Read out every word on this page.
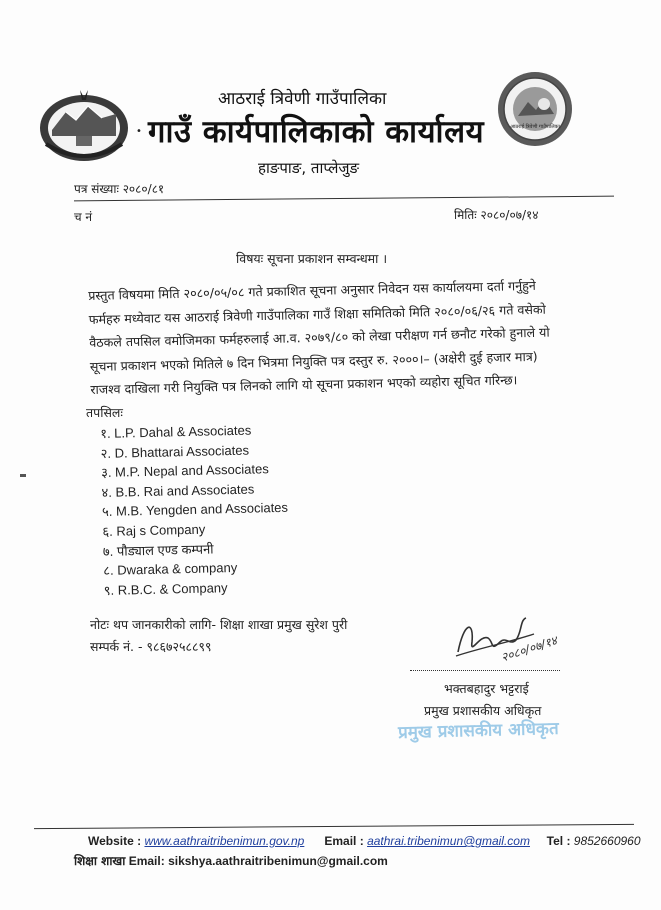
•
आठराई त्रिवेणी गाउँपालिका
गाउँ कार्यपालिकाको कार्यालय
हाङपाङ, ताप्लेजुङ
आठराई त्रिवेणी गाउँपालिका
पत्र संख्याः २०८०/८१
च नं	मितिः २०८०/०७/१४
विषयः सूचना प्रकाशन सम्वन्धमा ।

प्रस्तुत विषयमा मिति २०८०/०५/०८ गते प्रकाशित सूचना अनुसार निवेदन यस कार्यालयमा दर्ता गर्नुहुने

फर्महरु मध्येवाट यस आठराई त्रिवेणी गाउँपालिका गाउँ शिक्षा समितिको मिति २०८०/०६/२६ गते वसेको

वैठकले तपसिल वमोजिमका फर्महरुलाई आ.व. २०७९/८० को लेखा परीक्षण गर्न छनौट गरेको हुनाले यो

सूचना प्रकाशन भएको मितिले ७ दिन भित्रमा नियुक्ति पत्र दस्तुर रु. २०००।– (अक्षेरी दुई हजार मात्र)

राजश्व दाखिला गरी नियुक्ति पत्र लिनको लागि यो सूचना प्रकाशन भएको व्यहोरा सूचित गरिन्छ।

तपसिलः
१. L.P. Dahal & Associates
२. D. Bhattarai Associates
३. M.P. Nepal and Associates
४. B.B. Rai and Associates
५. M.B. Yengden and Associates
६. Raj s Company
७. पौड्याल एण्ड कम्पनी
८. Dwaraka & company
९. R.B.C. & Company
नोटः थप जानकारीको लागि- शिक्षा शाखा प्रमुख सुरेश पुरी
सम्पर्क नं. - ९८६७२५८८९९	२०८०/०७/१४
भक्तबहादुर भट्टराई
प्रमुख प्रशासकीय अधिकृत
प्रमुख प्रशासकीय अधिकृत
Website : www.aathraitribenimun.gov.np Email : aathrai.tribenimun@gmail.com Tel : 9852660960
शिक्षा शाखा Email: sikshya.aathraitribenimun@gmail.com
